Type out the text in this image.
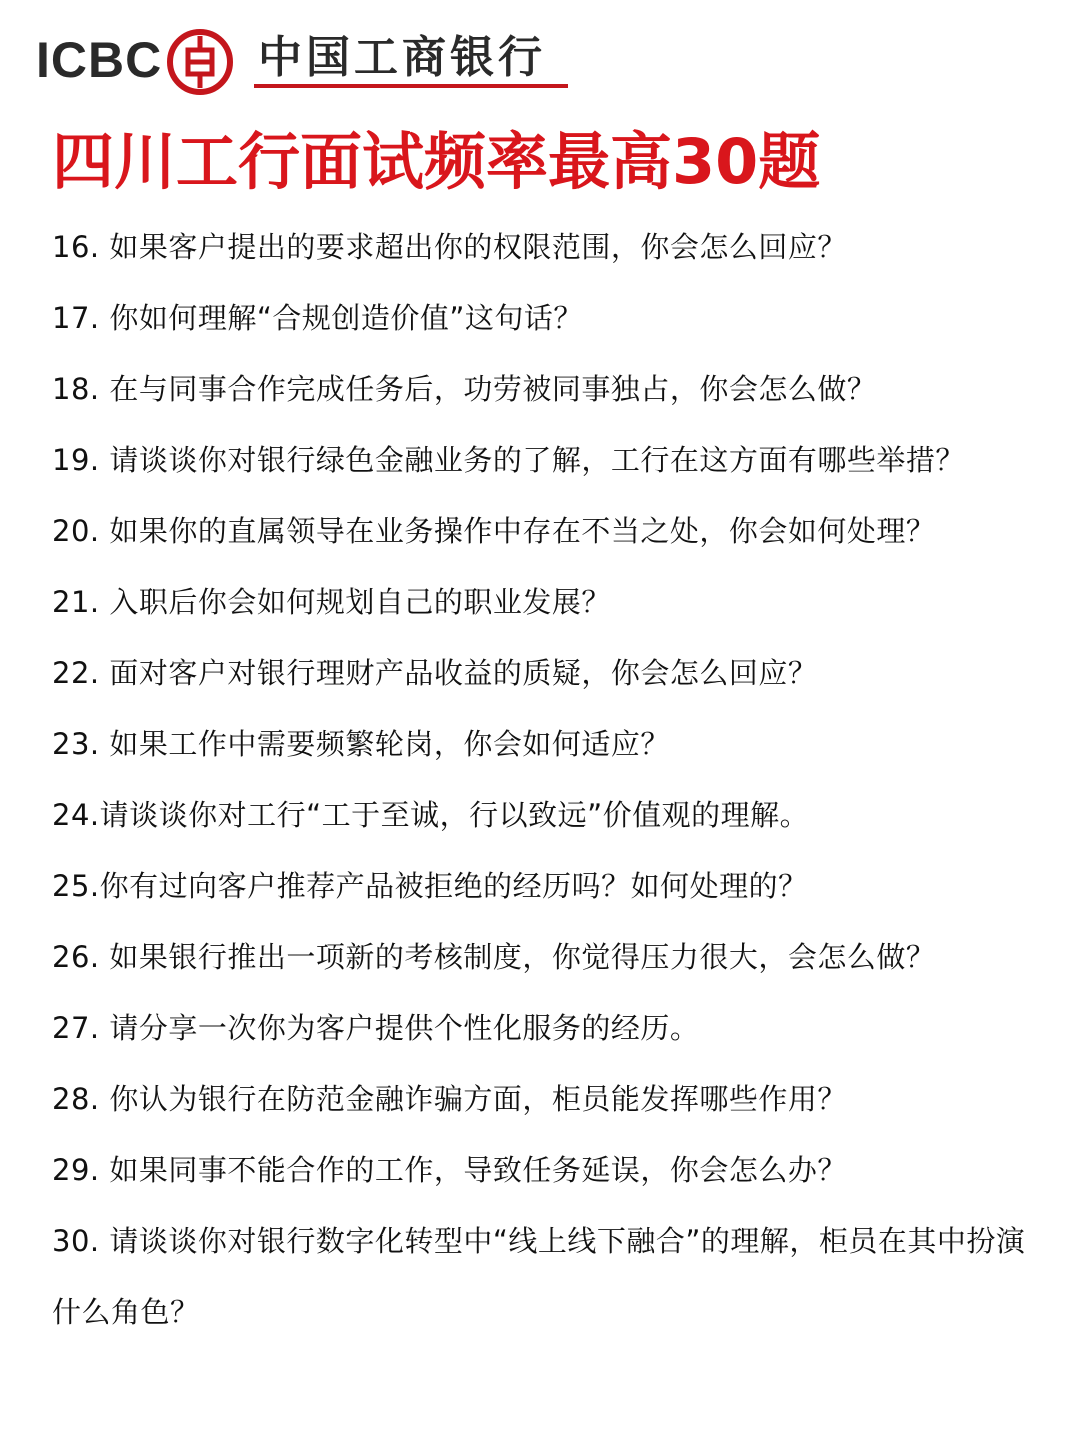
ICBC 中国工商银行
四川工行面试频率最高30题
16. 如果客户提出的要求超出你的权限范围，你会怎么回应？
17. 你如何理解“合规创造价值”这句话？
18. 在与同事合作完成任务后，功劳被同事独占，你会怎么做？
19. 请谈谈你对银行绿色金融业务的了解，工行在这方面有哪些举措？
20. 如果你的直属领导在业务操作中存在不当之处，你会如何处理？
21. 入职后你会如何规划自己的职业发展？
22. 面对客户对银行理财产品收益的质疑，你会怎么回应？
23. 如果工作中需要频繁轮岗，你会如何适应？
24.请谈谈你对工行“工于至诚，行以致远”价值观的理解。
25.你有过向客户推荐产品被拒绝的经历吗？如何处理的？
26. 如果银行推出一项新的考核制度，你觉得压力很大，会怎么做？
27. 请分享一次你为客户提供个性化服务的经历。
28. 你认为银行在防范金融诈骗方面，柜员能发挥哪些作用？
29. 如果同事不能合作的工作，导致任务延误，你会怎么办？
30. 请谈谈你对银行数字化转型中“线上线下融合”的理解，柜员在其中扮演什么角色？
